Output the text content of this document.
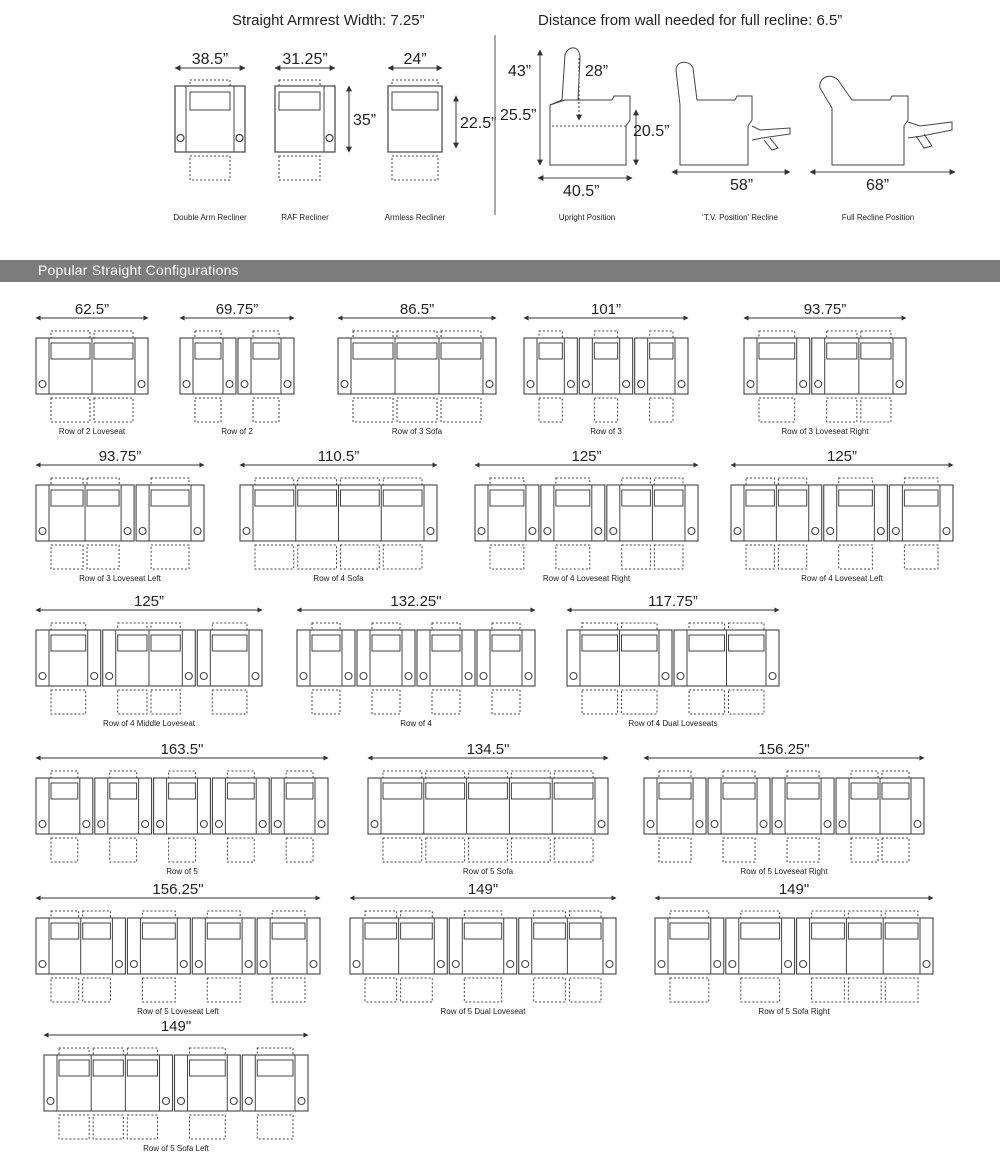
Straight Armrest Width: 7.25”	Distance from wall needed for full recline: 6.5”
38.5”
Double Arm Recliner
31.25”
35”
RAF Recliner
24”
22.5”
Armless Recliner
43”	28”
25.5”
20.5”
40.5”
Upright Position
58”
‘T.V. Position’ Recline
68”
Full Recline Position
Popular Straight Configurations
62.5”
Row of 2 Loveseat
69.75”
Row of 2
86.5”
Row of 3 Sofa
101”
Row of 3
93.75”
Row of 3 Loveseat Right
93.75”
Row of 3 Loveseat Left
110.5”
Row of 4 Sofa
125”
Row of 4 Loveseat Right
125”
Row of 4 Loveseat Left
125”
Row of 4 Middle Loveseat
132.25"
Row of 4
117.75”
Row of 4 Dual Loveseats
163.5"
Row of 5
134.5"
Row of 5 Sofa
156.25"
Row of 5 Loveseat Right
156.25"
Row of 5 Loveseat Left
149"
Row of 5 Dual Loveseat
149"
Row of 5 Sofa Right
149"
Row of 5 Sofa Left
